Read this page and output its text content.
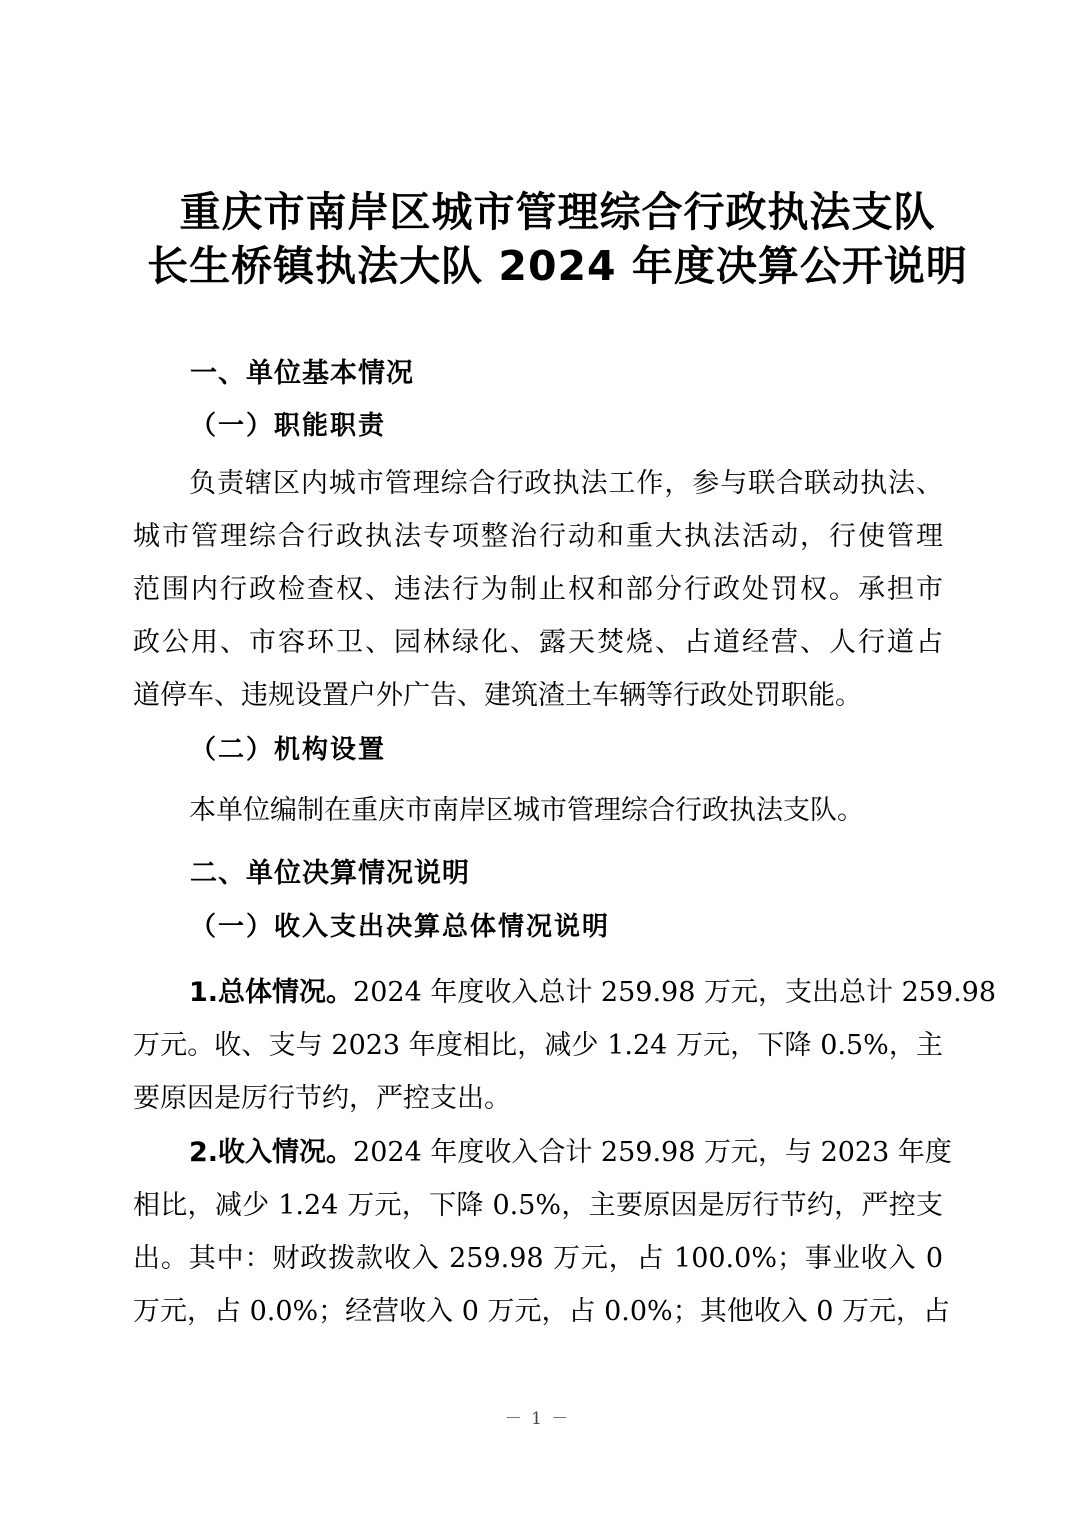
重庆市南岸区城市管理综合行政执法支队
长生桥镇执法大队 2024 年度决算公开说明
一、单位基本情况
（一）职能职责
负责辖区内城市管理综合行政执法工作，参与联合联动执法、
城市管理综合行政执法专项整治行动和重大执法活动，行使管理
范围内行政检查权、违法行为制止权和部分行政处罚权。承担市
政公用、市容环卫、园林绿化、露天焚烧、占道经营、人行道占
道停车、违规设置户外广告、建筑渣土车辆等行政处罚职能。
（二）机构设置
本单位编制在重庆市南岸区城市管理综合行政执法支队。
二、单位决算情况说明
（一）收入支出决算总体情况说明
1.总体情况。2024 年度收入总计 259.98 万元，支出总计 259.98
万元。收、支与 2023 年度相比，减少 1.24 万元，下降 0.5%，主
要原因是厉行节约，严控支出。
2.收入情况。2024 年度收入合计 259.98 万元，与 2023 年度
相比，减少 1.24 万元，下降 0.5%，主要原因是厉行节约，严控支
出。其中：财政拨款收入 259.98 万元，占 100.0%；事业收入 0
万元，占 0.0%；经营收入 0 万元，占 0.0%；其他收入 0 万元，占
－ 1 －
